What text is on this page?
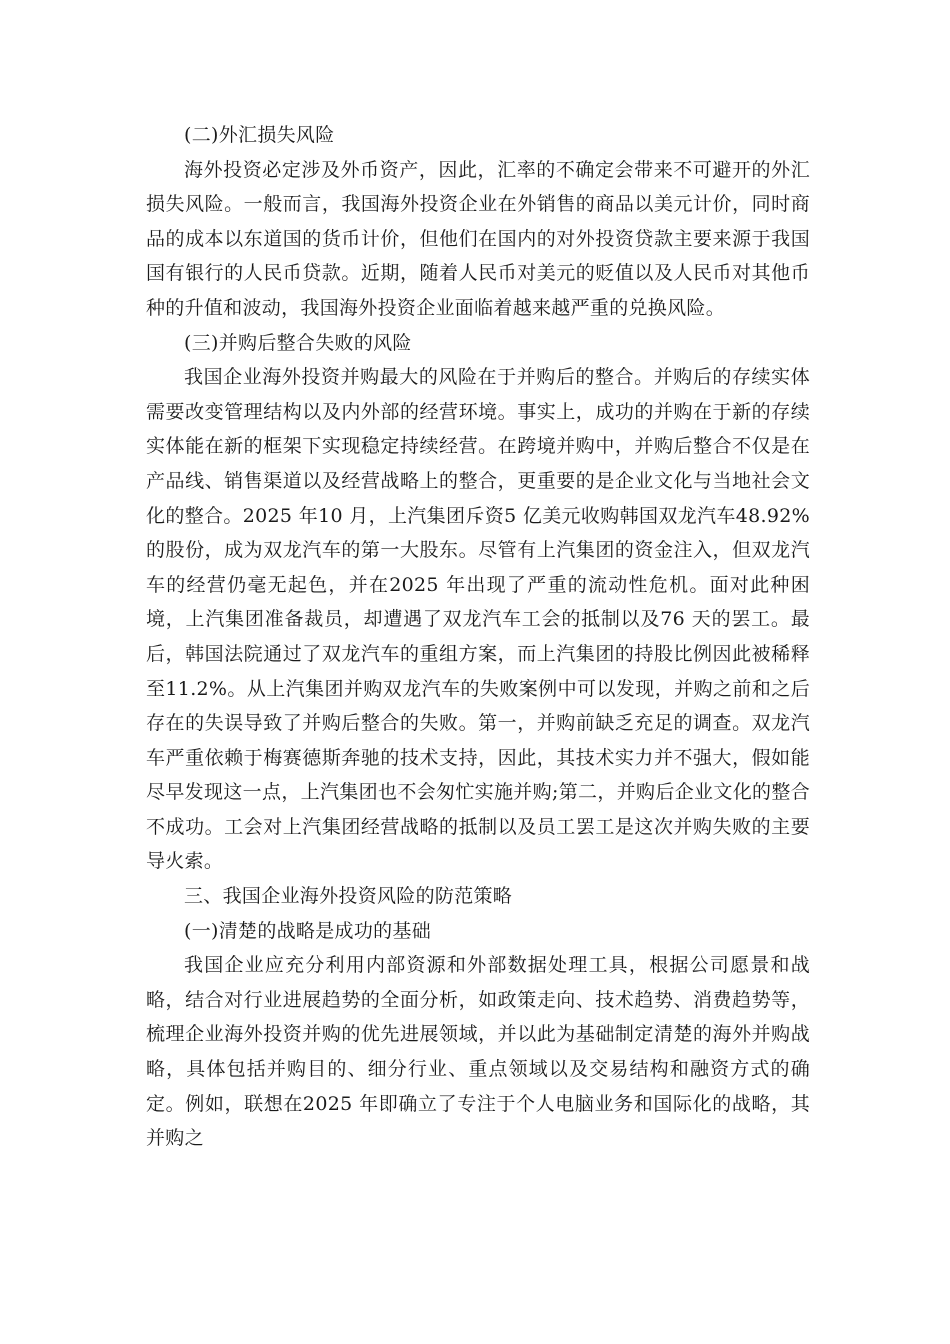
(二)外汇损失风险

海外投资必定涉及外币资产，因此，汇率的不确定会带来不可避开的外汇损失风险。一般而言，我国海外投资企业在外销售的商品以美元计价，同时商品的成本以东道国的货币计价，但他们在国内的对外投资贷款主要来源于我国国有银行的人民币贷款。近期，随着人民币对美元的贬值以及人民币对其他币种的升值和波动，我国海外投资企业面临着越来越严重的兑换风险。

(三)并购后整合失败的风险

我国企业海外投资并购最大的风险在于并购后的整合。并购后的存续实体需要改变管理结构以及内外部的经营环境。事实上，成功的并购在于新的存续实体能在新的框架下实现稳定持续经营。在跨境并购中，并购后整合不仅是在产品线、销售渠道以及经营战略上的整合，更重要的是企业文化与当地社会文化的整合。2025 年10 月，上汽集团斥资5 亿美元收购韩国双龙汽车48.92%的股份，成为双龙汽车的第一大股东。尽管有上汽集团的资金注入，但双龙汽车的经营仍毫无起色，并在2025 年出现了严重的流动性危机。面对此种困境，上汽集团准备裁员，却遭遇了双龙汽车工会的抵制以及76 天的罢工。最后，韩国法院通过了双龙汽车的重组方案，而上汽集团的持股比例因此被稀释至11.2%。从上汽集团并购双龙汽车的失败案例中可以发现，并购之前和之后存在的失误导致了并购后整合的失败。第一，并购前缺乏充足的调查。双龙汽车严重依赖于梅赛德斯奔驰的技术支持，因此，其技术实力并不强大，假如能尽早发现这一点，上汽集团也不会匆忙实施并购;第二，并购后企业文化的整合不成功。工会对上汽集团经营战略的抵制以及员工罢工是这次并购失败的主要导火索。

三、我国企业海外投资风险的防范策略

(一)清楚的战略是成功的基础

我国企业应充分利用内部资源和外部数据处理工具，根据公司愿景和战略，结合对行业进展趋势的全面分析，如政策走向、技术趋势、消费趋势等，梳理企业海外投资并购的优先进展领域，并以此为基础制定清楚的海外并购战略，具体包括并购目的、细分行业、重点领域以及交易结构和融资方式的确定。例如，联想在2025 年即确立了专注于个人电脑业务和国际化的战略，其并购之
